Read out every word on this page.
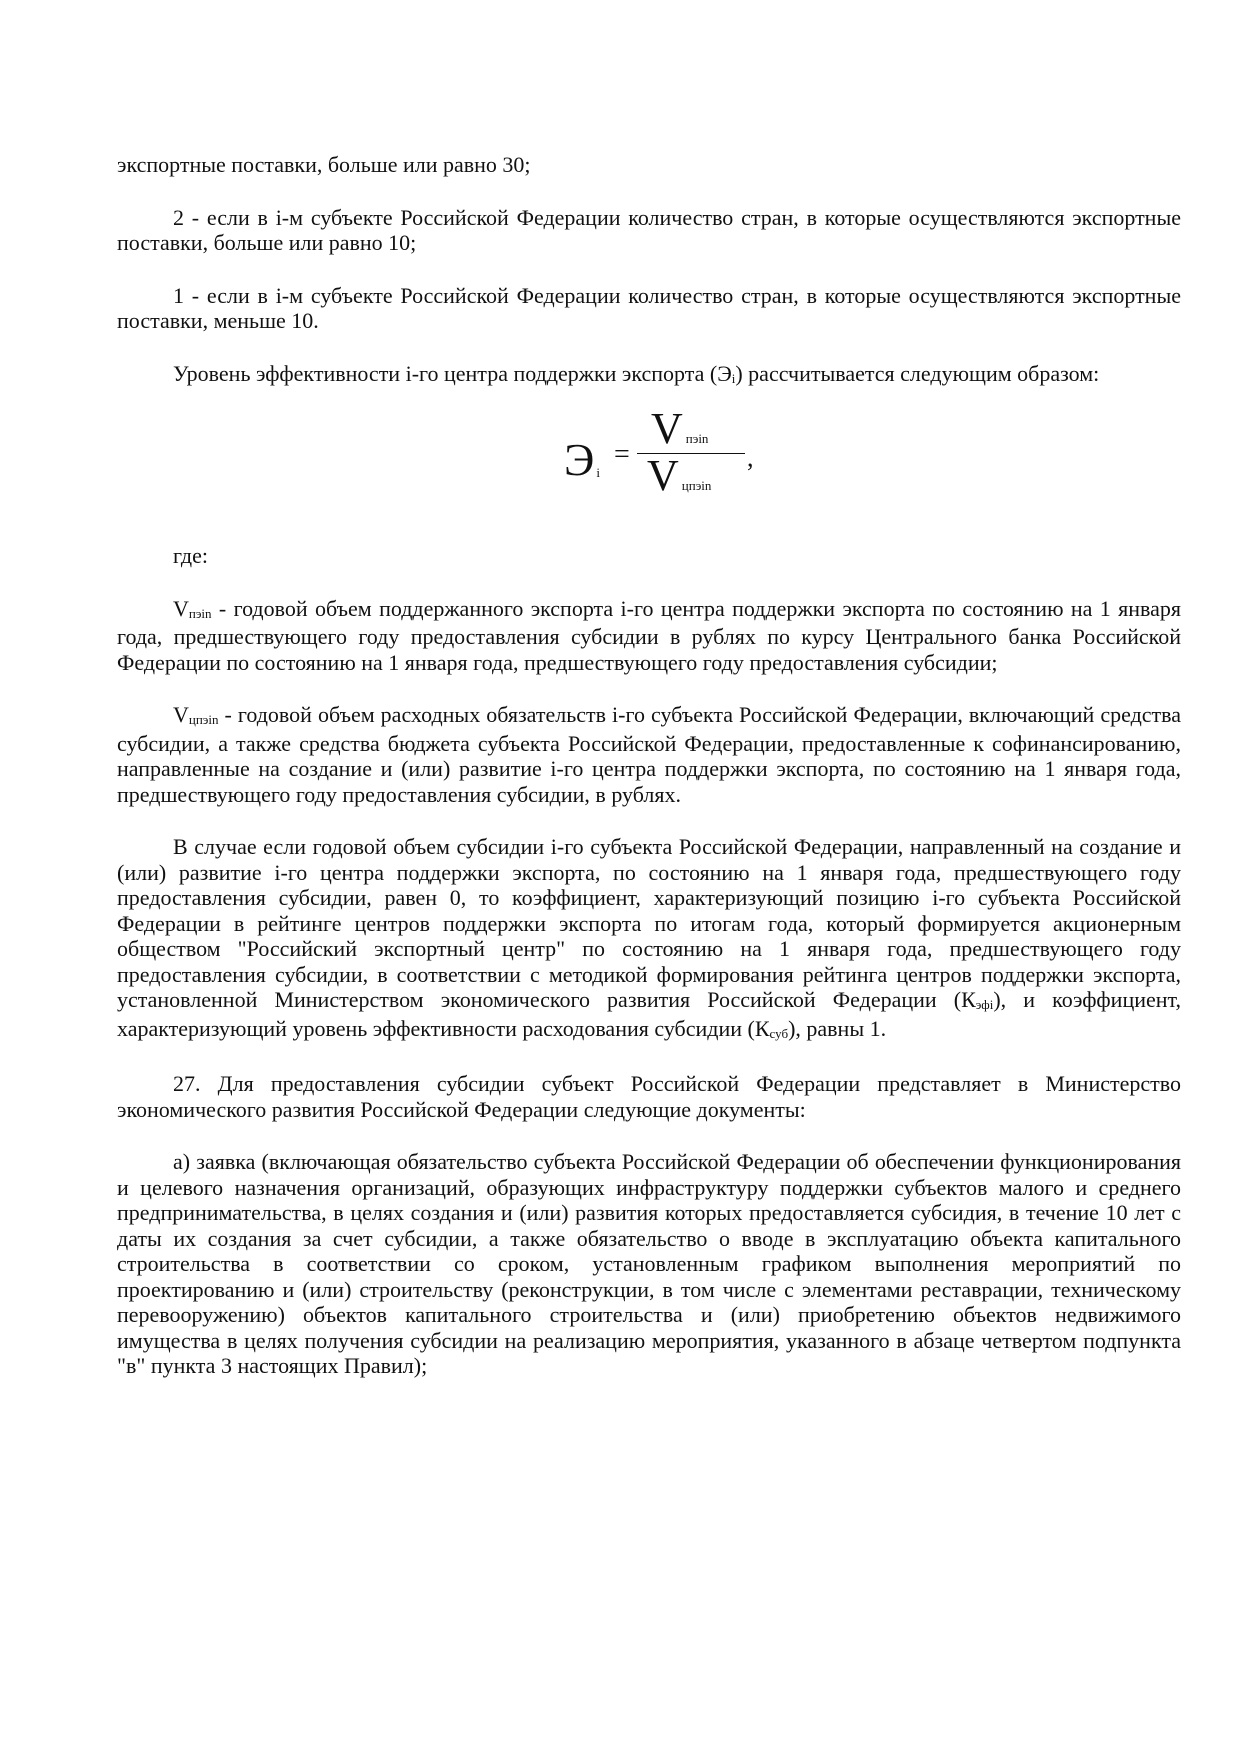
экспортные поставки, больше или равно 30;

2 - если в i-м субъекте Российской Федерации количество стран, в которые осуществляются экспортные поставки, больше или равно 10;

1 - если в i-м субъекте Российской Федерации количество стран, в которые осуществляются экспортные поставки, меньше 10.

Уровень эффективности i-го центра поддержки экспорта (Эi) рассчитывается следующим образом:

Э $_i$
=
Vпэin
Vцпэin
,

где:

Vпэin - годовой объем поддержанного экспорта i-го центра поддержки экспорта по состоянию на 1 января года, предшествующего году предоставления субсидии в рублях по курсу Центрального банка Российской Федерации по состоянию на 1 января года, предшествующего году предоставления субсидии;

Vцпэin - годовой объем расходных обязательств i-го субъекта Российской Федерации, включающий средства субсидии, а также средства бюджета субъекта Российской Федерации, предоставленные к софинансированию, направленные на создание и (или) развитие i-го центра поддержки экспорта, по состоянию на 1 января года, предшествующего году предоставления субсидии, в рублях.

В случае если годовой объем субсидии i-го субъекта Российской Федерации, направленный на создание и (или) развитие i-го центра поддержки экспорта, по состоянию на 1 января года, предшествующего году предоставления субсидии, равен 0, то коэффициент, характеризующий позицию i-го субъекта Российской Федерации в рейтинге центров поддержки экспорта по итогам года, который формируется акционерным обществом "Российский экспортный центр" по состоянию на 1 января года, предшествующего году предоставления субсидии, в соответствии с методикой формирования рейтинга центров поддержки экспорта, установленной Министерством экономического развития Российской Федерации (Кэфi), и коэффициент, характеризующий уровень эффективности расходования субсидии (Ксуб), равны 1.

27. Для предоставления субсидии субъект Российской Федерации представляет в Министерство экономического развития Российской Федерации следующие документы:

а) заявка (включающая обязательство субъекта Российской Федерации об обеспечении функционирования и целевого назначения организаций, образующих инфраструктуру поддержки субъектов малого и среднего предпринимательства, в целях создания и (или) развития которых предоставляется субсидия, в течение 10 лет с даты их создания за счет субсидии, а также обязательство о вводе в эксплуатацию объекта капитального строительства в соответствии со сроком, установленным графиком выполнения мероприятий по проектированию и (или) строительству (реконструкции, в том числе с элементами реставрации, техническому перевооружению) объектов капитального строительства и (или) приобретению объектов недвижимого имущества в целях получения субсидии на реализацию мероприятия, указанного в абзаце четвертом подпункта "в" пункта 3 настоящих Правил);
